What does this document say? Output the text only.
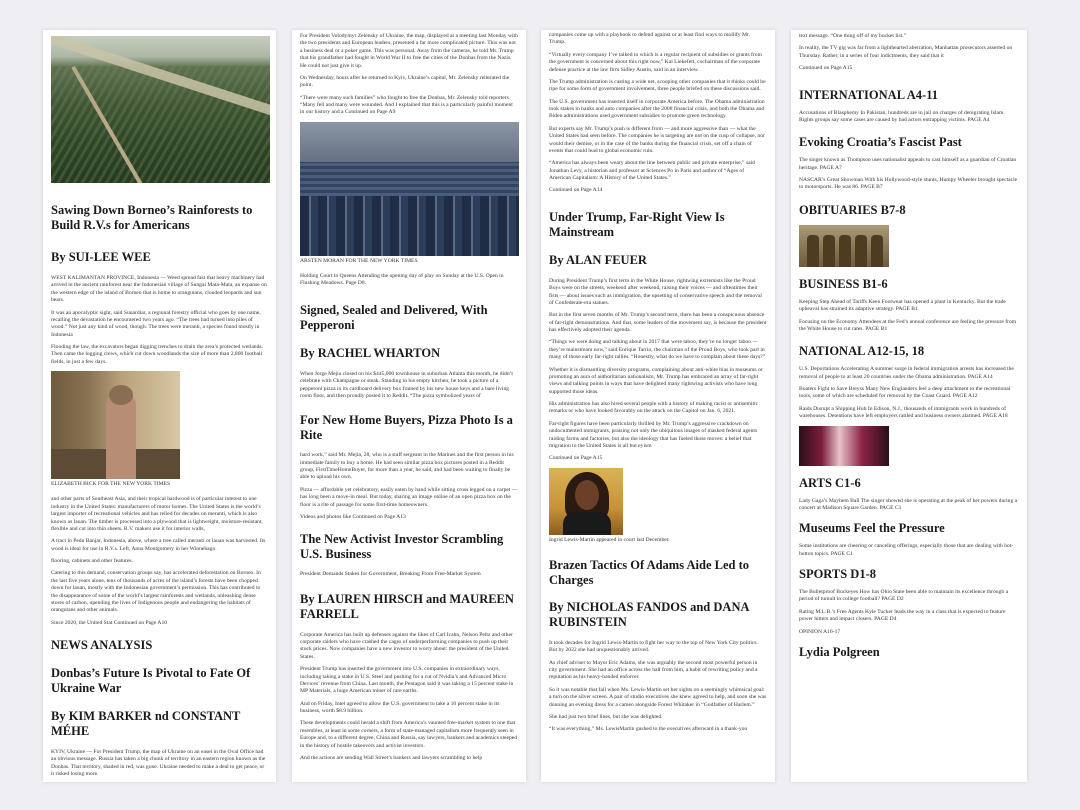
Sawing Down Borneo’s Rainforests to Build R.V.s for Americans
By SUI-LEE WEE

WEST KALIMANTAN PROVINCE, Indonesia — Weed spread fast that heavy machinery had arrived in the ancient rainforest near the Indonesian village of Sungai Mata-Mata, an expanse on the western edge of the island of Borneo that is home to orangutans, clouded leopards and sun bears.

It was an apocalyptic sight, said Sunardiar, a regional forestry official who goes by one name, recalling the devastation he encountered two years ago. “The trees had turned into piles of wood.” Not just any kind of wood, though. The trees were meranti, a species found mostly in Indonesia

Flooding the law, the excavators began digging trenches to drain the area’s protected wetlands. Then came the logging crews, which cut down woodlands the size of more than 2,800 football fields, in just a few days.

ELIZABETH BICK FOR THE NEW YORK TIMES

and other parts of Southeast Asia, and their tropical hardwood is of particular interest to one industry in the United States: manufacturers of motor homes. The United States is the world’s largest importer of recreational vehicles and has relied for decades on meranti, which is also known as lauan. The timber is processed into a plywood that is lightweight, moisture-resistant, flexible and cut into thin sheets. R.V. makers use it for interior walls,

A tract in Pedu Banjar, Indonesia, above, where a tree called meranti or lauan was harvested. Its wood is ideal for use in R.V.s. Left, Anna Montgomery in her Winnebago.

flooring, cabinets and other features.

Catering to this demand, conservation groups say, has accelerated deforestation on Borneo. In the last five years alone, tens of thousands of acres of the island’s forests have been chopped down for lauan, mostly with the Indonesian government’s permission. This has contributed to the disappearance of some of the world’s largest rainforests and wetlands, unleashing dense stores of carbon, upending the lives of Indigenous people and endangering the habitats of orangutans and other animals.

Since 2020, the United Stat Continued on Page A10

NEWS ANALYSIS
Donbas’s Future Is Pivotal to Fate Of Ukraine War
By KIM BARKER nd CONSTANT MÉHE

KYIV, Ukraine — For President Trump, the map of Ukraine on an easel in the Oval Office had an obvious message. Russia has taken a big chunk of territory in an eastern region known as the Donbas. That territory, shaded in red, was gone. Ukraine needed to make a deal to get peace, or it risked losing more.

For President Volodymyr Zelensky of Ukraine, the map, displayed at a meeting last Monday with the two presidents and European leaders, presented a far more complicated picture. This was not a business deal or a poker game. This was personal. Away from the cameras, he told Mr. Trump that his grandfather had fought in World War II to free the cities of the Donbas from the Nazis. He could not just give it up.

On Wednesday, hours after he returned to Kyiv, Ukraine’s capital, Mr. Zelensky reiterated the point.

“There were many such families” who fought to free the Donbas, Mr. Zelensky told reporters. “Many fell and many were wounded. And I explained that this is a particularly painful moment in our history and a Continued on Page A9

ARSTEN MORAN FOR THE NEW YORK TIMES

Holding Court in Queens Attending the opening day of play on Sunday at the U.S. Open in Flushing Meadows. Page D8.

Signed, Sealed and Delivered, With Pepperoni
By RACHEL WHARTON

When Jorge Mejia closed on his $445,000 townhouse in suburban Atlanta this month, he didn’t celebrate with Champagne or steak. Standing in his empty kitchen, he took a picture of a pepperoni pizza in its cardboard delivery box framed by his new house keys and a bare living room floor, and then proudly posted it to Reddit. “The pizza symbolized years of

For New Home Buyers, Pizza Photo Is a Rite

hard work,” said Mr. Mejia, 28, who is a staff sergeant in the Marines and the first person in his immediate family to buy a home. He had seen similar pizza box pictures posted in a Reddit group, FirstTimeHomeBuyer, for more than a year, he said, and had been waiting to finally be able to upload his own.

Pizza — affordable yet celebratory, easily eaten by hand while sitting cross legged on a carpet — has long been a move-in meal. But today, sharing an image online of an open pizza box on the floor is a rite of passage for some first-time homeowners.

Videos and photos like Continued on Page A13

The New Activist Investor Scrambling U.S. Business

President Demands Stakes for Government, Breaking From Free-Market System

By LAUREN HIRSCH and MAUREEN FARRELL

Corporate America has built up defenses against the likes of Carl Icahn, Nelson Peltz and other corporate raiders who have crashed the cages of underperforming companies to push up their stock prices. Now companies have a new investor to worry about: the president of the United States.

President Trump has inserted the government into U.S. companies in extraordinary ways, including taking a stake in U.S. Steel and pushing for a cut of Nvidia’s and Advanced Micro Devices’ revenue from China. Last month, the Pentagon said it was taking a 15 percent stake in MP Materials, a huge American miner of rare earths.

And on Friday, Intel agreed to allow the U.S. government to take a 10 percent stake in its business, worth $8.9 billion.

These developments could herald a shift from America’s vaunted free-market system to one that resembles, at least in some corners, a form of state-managed capitalism more frequently seen in Europe and, to a different degree, China and Russia, say lawyers, bankers and academics steeped in the history of hostile takeovers and activist investors.

And the actions are sending Wall Street’s bankers and lawyers scrambling to help

companies come up with a playbook to defend against or at least find ways to mollify Mr. Trump.

“Virtually every company I’ve talked to which is a regular recipient of subsidies or grants from the government is concerned about this right now,” Kai Liekefett, cochairman of the corporate defense practice at the law firm Sidley Austin, said in an interview.

The Trump administration is casting a wide net, scooping other companies that it thinks could be ripe for some form of government involvement, three people briefed on these discussions said.

The U.S. government has inserted itself in corporate America before. The Obama administration took stakes in banks and auto companies after the 2008 financial crisis, and both the Obama and Biden administrations used government subsidies to promote green technology.

But experts say Mr. Trump’s push is different from — and more aggressive than — what the United States had seen before. The companies he is targeting are not on the cusp of collapse, nor would their demise, or in the case of the banks during the financial crisis, set off a chain of events that could lead to global economic ruin.

“America has always been weary about the line between public and private enterprise,” said Jonathan Levy, a historian and professor at Sciences Po in Paris and author of “Ages of American Capitalism: A History of the United States.”

Continued on Page A14

Under Trump, Far-Right View Is Mainstream
By ALAN FEUER

During President Trump’s first term in the White House, rightwing extremists like the Proud Boys were on the streets, weekend after weekend, raising their voices — and oftentimes their fists — about issues such as immigration, the upsetting of conservative speech and the removal of Confederate-era statues.

But in the first seven months of Mr. Trump’s second term, there has been a conspicuous absence of far-right demonstrations. And that, some leaders of the movement say, is because the president has effectively adopted their agenda.

“Things we were doing and talking about in 2017 that were taboo, they’re no longer taboo — they’re mainstream now,” said Enrique Tarrio, the chairman of the Proud Boys, who took part in many of those early far-right rallies. “Honestly, what do we have to complain about these days?”

Whether it is dismantling diversity programs, complaining about anti-white bias in museums or promoting an aura of authoritarian nationalism, Mr. Trump has embraced an array of far-right views and talking points in ways that have delighted many rightwing activists who have long supported those ideas.

His administration has also hired several people with a history of making racist or antisemitic remarks or who have looked favorably on the attack on the Capitol on Jan. 6, 2021.

Far-right figures have been particularly thrilled by Mr. Trump’s aggressive crackdown on undocumented immigrants, praising not only the ubiquitous images of masked federal agents raiding farms and factories, but also the ideology that has fueled those moves: a belief that migration to the United States is all but eyism

Continued on Page A15

Ingrid Lewis-Martin appeared in court last December.
Brazen Tactics Of Adams Aide Led to Charges
By NICHOLAS FANDOS and DANA RUBINSTEIN

It took decades for Ingrid Lewis-Martin to fight her way to the top of New York City politics. But by 2022 she had unquestionably arrived.

As chief adviser to Mayor Eric Adams, she was arguably the second most powerful person in city government. She had an office across the hall from him, a habit of rewriting policy and a reputation as his heavy-handed enforcer.

So it was notable that fall when Ms. Lewis-Martin set her sights on a seemingly whimsical goal: a turn on the silver screen. A pair of studio executives she knew agreed to help, and soon she was donning an evening dress for a cameo alongside Forest Whitaker in “Godfather of Harlem.”

She had just two brief lines, but she was delighted.

“It was everything,” Ms. LewisMartin gushed to the executives afterward in a thank-you

text message. “One thing off of my bucket list.”

In reality, the TV gig was far from a lighthearted aberration, Manhattan prosecutors asserted on Thursday. Rather, in a series of four indictments, they said that it

Continued on Page A15

INTERNATIONAL A4-11

Accusations of Blasphemy In Pakistan, hundreds are in jail on charges of denigrating Islam. Rights groups say some cases are caused by bad actors entrapping victims. PAGE A4

Evoking Croatia’s Fascist Past

The singer known as Thompson uses nationalist appeals to cast himself as a guardian of Croatian heritage. PAGE A7

NASCAR’s Great Showman With his Hollywood-style stunts, Humpy Wheeler brought spectacle to motorsports. He was 86. PAGE B7

OBITUARIES B7-8
BUSINESS B1-6

Keeping Step Ahead of Tariffs Keen Footwear has opened a plant in Kentucky. But the trade upheaval has strained its adaptive strategy. PAGE B1

Focusing on the Economy Attendees at the Fed’s annual conference are feeling the pressure from the White House to cut rates. PAGE B1

NATIONAL A12-15, 18

U.S. Deportations Accelerating A summer surge in federal immigration arrests has increased the removal of people to at least 20 countries under the Obama administration. PAGE A14

Boaters Fight to Save Breyss Many New Englanders feel a deep attachment to the recreational tools, some of which are scheduled for removal by the Coast Guard. PAGE A12

Raids Disrupt a Shipping Hub In Edison, N.J., thousands of immigrants work in hundreds of warehouses. Detentions have left employers rattled and business owners alarmed. PAGE A18

ARTS C1-6

Lady Gaga’s Mayhem Ball The singer showed she is operating at the peak of her powers during a concert at Madison Square Garden. PAGE C1

Museums Feel the Pressure

Some institutions are cheering or canceling offerings, especially those that are dealing with hot-button topics. PAGE C1

SPORTS D1-8

The Bulletproof Buckeyes How has Ohio State been able to maintain its excellence through a period of tumult in college football? PAGE D2

Rating M.L.B.’s Free Agents Kyle Tucker leads the way in a class that is expected to feature power hitters and impact closers. PAGE D4

OPINION A16-17

Lydia Polgreen
